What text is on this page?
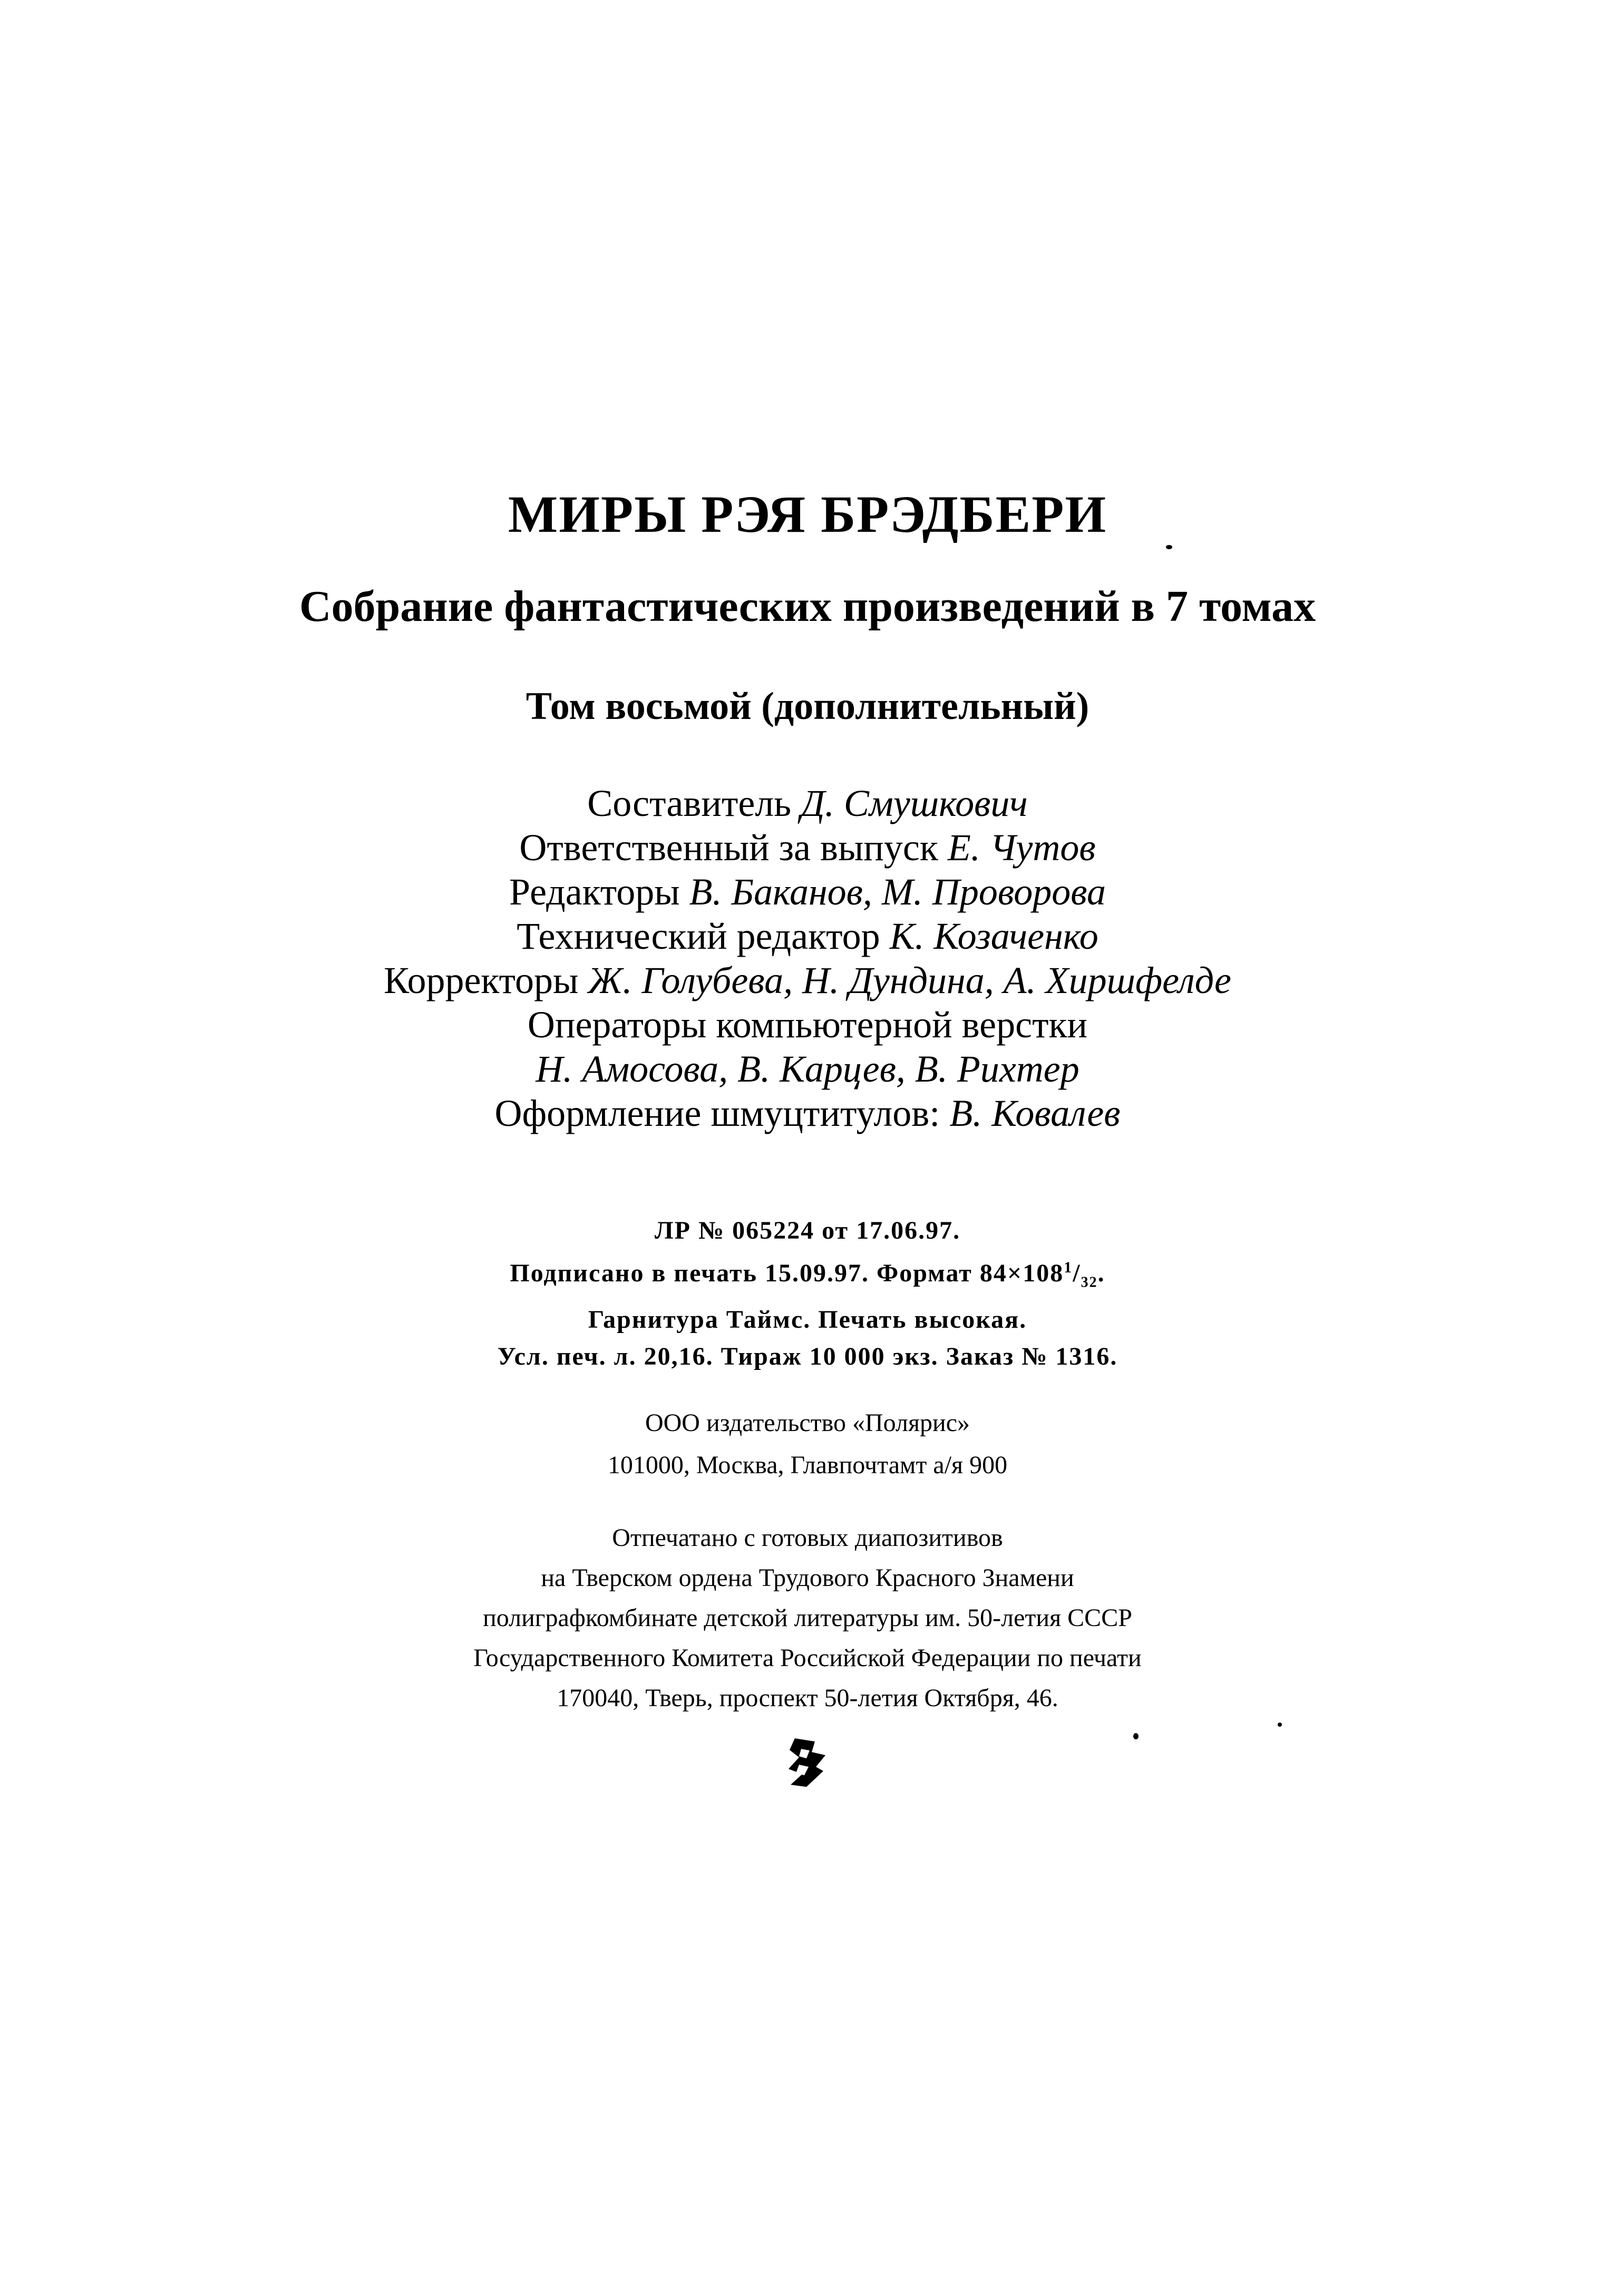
МИРЫ РЭЯ БРЭДБЕРИ
Собрание фантастических произведений в 7 томах
Том восьмой (дополнительный)
Составитель Д. Смушкович
Ответственный за выпуск Е. Чутов
Редакторы В. Баканов, М. Проворова
Технический редактор К. Козаченко
Корректоры Ж. Голубева, Н. Дундина, А. Хиршфелде
Операторы компьютерной верстки
Н. Амосова, В. Карцев, В. Рихтер
Оформление шмуцтитулов: В. Ковалев
ЛР № 065224 от 17.06.97.
Подписано в печать 15.09.97. Формат $84\times 108^1/_{32}$.
Гарнитура Таймс. Печать высокая.
Усл. печ. л. 20,16. Тираж 10 000 экз. Заказ № 1316.
ООО издательство «Полярис»
101000, Москва, Главпочтамт а/я 900
Отпечатано с готовых диапозитивов
на Тверском ордена Трудового Красного Знамени
полиграфкомбинате детской литературы им. 50-летия СССР
Государственного Комитета Российской Федерации по печати
170040, Тверь, проспект 50-летия Октября, 46.
